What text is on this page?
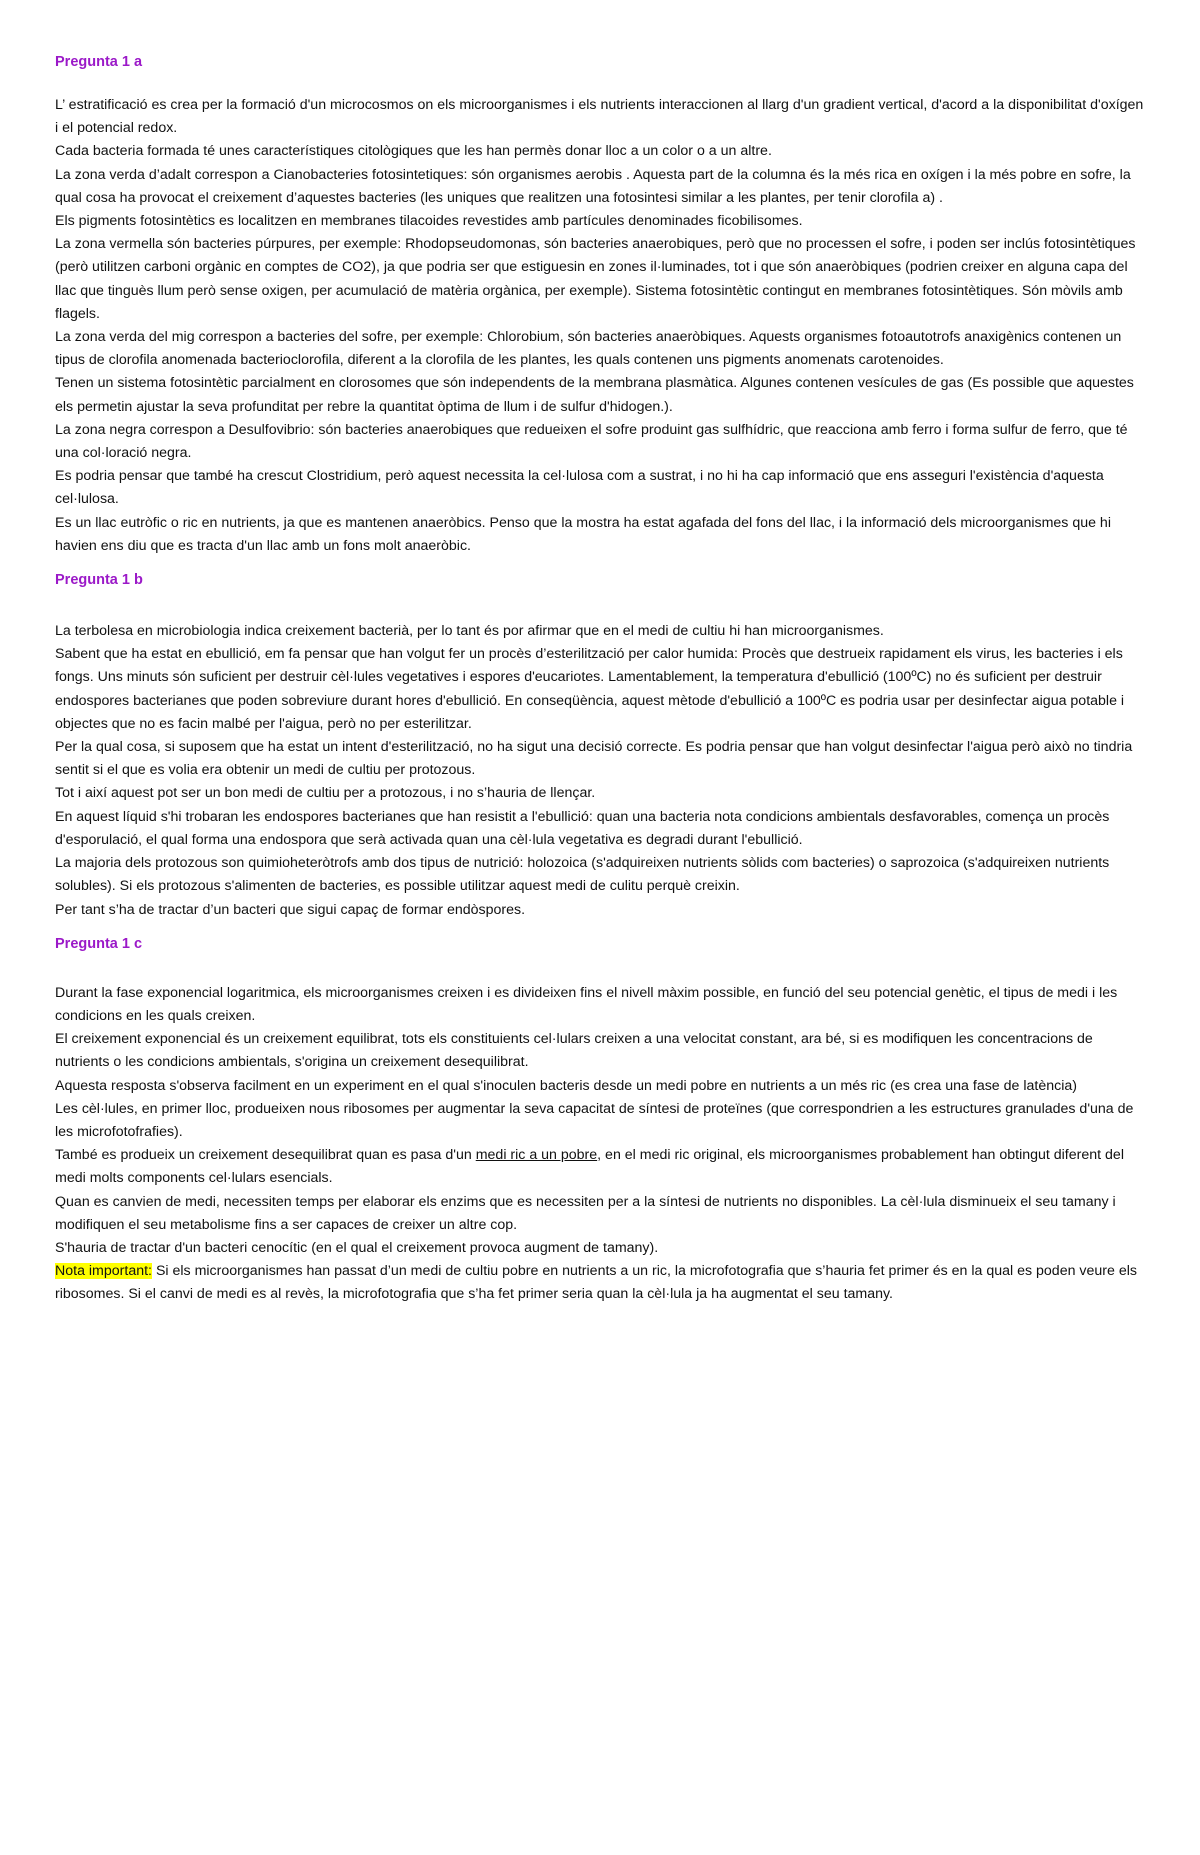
Pregunta 1 a

L’ estratificació es crea per la formació d'un microcosmos on els microorganismes i els nutrients interaccionen al llarg d'un gradient vertical, d'acord a la disponibilitat d'oxígen i el potencial redox.

Cada bacteria formada té unes característiques citològiques que les han permès donar lloc a un color o a un altre.

La zona verda d’adalt correspon a Cianobacteries fotosintetiques: són organismes aerobis . Aquesta part de la columna és la més rica en oxígen i la més pobre en sofre, la qual cosa ha provocat el creixement d’aquestes bacteries (les uniques que realitzen una fotosintesi similar a les plantes, per tenir clorofila a) .

Els pigments fotosintètics es localitzen en membranes tilacoides revestides amb partícules denominades ficobilisomes.

La zona vermella són bacteries púrpures, per exemple: Rhodopseudomonas, són bacteries anaerobiques, però que no processen el sofre, i poden ser inclús fotosintètiques (però utilitzen carboni orgànic en comptes de CO2), ja que podria ser que estiguesin en zones il·luminades, tot i que són anaeròbiques (podrien creixer en alguna capa del llac que tinguès llum però sense oxigen, per acumulació de matèria orgànica, per exemple). Sistema fotosintètic contingut en membranes fotosintètiques. Són mòvils amb flagels.

La zona verda del mig correspon a bacteries del sofre, per exemple: Chlorobium, són bacteries anaeròbiques. Aquests organismes fotoautotrofs anaxigènics contenen un tipus de clorofila anomenada bacterioclorofila, diferent a la clorofila de les plantes, les quals contenen uns pigments anomenats carotenoides.

Tenen un sistema fotosintètic parcialment en clorosomes que són independents de la membrana plasmàtica. Algunes contenen vesícules de gas (Es possible que aquestes els permetin ajustar la seva profunditat per rebre la quantitat òptima de llum i de sulfur d'hidogen.).

La zona negra correspon a Desulfovibrio: són bacteries anaerobiques que redueixen el sofre produint gas sulfhídric, que reacciona amb ferro i forma sulfur de ferro, que té una col·loració negra.

Es podria pensar que també ha crescut Clostridium, però aquest necessita la cel·lulosa com a sustrat, i no hi ha cap informació que ens asseguri l'existència d'aquesta cel·lulosa.

Es un llac eutròfic o ric en nutrients, ja que es mantenen anaeròbics. Penso que la mostra ha estat agafada del fons del llac, i la informació dels microorganismes que hi havien ens diu que es tracta d'un llac amb un fons molt anaeròbic.

Pregunta 1 b

La terbolesa en microbiologia indica creixement bacterià, per lo tant és por afirmar que en el medi de cultiu hi han microorganismes.

Sabent que ha estat en ebullició, em fa pensar que han volgut fer un procès d’esterilització per calor humida: Procès que destrueix rapidament els virus, les bacteries i els fongs. Uns minuts són suficient per destruir cèl·lules vegetatives i espores d'eucariotes. Lamentablement, la temperatura d'ebullició (100ºC) no és suficient per destruir endospores bacterianes que poden sobreviure durant hores d'ebullició. En conseqüència, aquest mètode d'ebullició a 100ºC es podria usar per desinfectar aigua potable i objectes que no es facin malbé per l'aigua, però no per esterilitzar.

Per la qual cosa, si suposem que ha estat un intent d'esterilització, no ha sigut una decisió correcte. Es podria pensar que han volgut desinfectar l'aigua però això no tindria sentit si el que es volia era obtenir un medi de cultiu per protozous.

Tot i així aquest pot ser un bon medi de cultiu per a protozous, i no s’hauria de llençar.

En aquest líquid s'hi trobaran les endospores bacterianes que han resistit a l'ebullició: quan una bacteria nota condicions ambientals desfavorables, comença un procès d'esporulació, el qual forma una endospora que serà activada quan una cèl·lula vegetativa es degradi durant l'ebullició.

La majoria dels protozous son quimioheteròtrofs amb dos tipus de nutrició: holozoica (s'adquireixen nutrients sòlids com bacteries) o saprozoica (s'adquireixen nutrients solubles). Si els protozous s'alimenten de bacteries, es possible utilitzar aquest medi de culitu perquè creixin.

Per tant s’ha de tractar d’un bacteri que sigui capaç de formar endòspores.

Pregunta 1 c

Durant la fase exponencial logaritmica, els microorganismes creixen i es divideixen fins el nivell màxim possible, en funció del seu potencial genètic, el tipus de medi i les condicions en les quals creixen.

El creixement exponencial és un creixement equilibrat, tots els constituients cel·lulars creixen a una velocitat constant, ara bé, si es modifiquen les concentracions de nutrients o les condicions ambientals, s'origina un creixement desequilibrat.

Aquesta resposta s'observa facilment en un experiment en el qual s'inoculen bacteris desde un medi pobre en nutrients a un més ric (es crea una fase de latència)

Les cèl·lules, en primer lloc, produeixen nous ribosomes per augmentar la seva capacitat de síntesi de proteïnes (que correspondrien a les estructures granulades d'una de les microfotofrafies).

També es produeix un creixement desequilibrat quan es pasa d'un medi ric a un pobre, en el medi ric original, els microorganismes probablement han obtingut diferent del medi molts components cel·lulars esencials.

Quan es canvien de medi, necessiten temps per elaborar els enzims que es necessiten per a la síntesi de nutrients no disponibles. La cèl·lula disminueix el seu tamany i modifiquen el seu metabolisme fins a ser capaces de creixer un altre cop.

S'hauria de tractar d'un bacteri cenocític (en el qual el creixement provoca augment de tamany).

Nota important: Si els microorganismes han passat d’un medi de cultiu pobre en nutrients a un ric, la microfotografia que s’hauria fet primer és en la qual es poden veure els ribosomes. Si el canvi de medi es al revès, la microfotografia que s’ha fet primer seria quan la cèl·lula ja ha augmentat el seu tamany.
